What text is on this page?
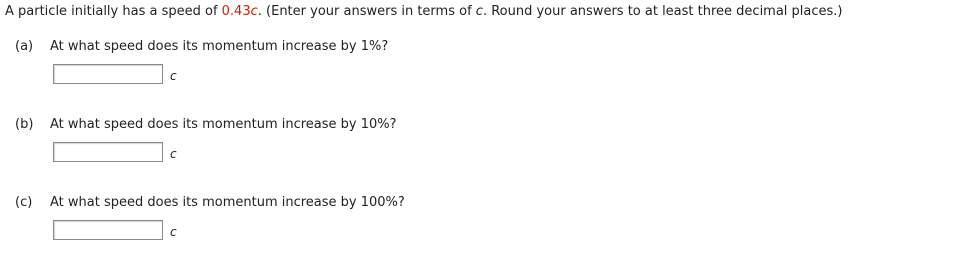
A particle initially has a speed of 0.43c. (Enter your answers in terms of c. Round your answers to at least three decimal places.)
(a) At what speed does its momentum increase by 1%?
c
(b) At what speed does its momentum increase by 10%?
c
(c) At what speed does its momentum increase by 100%?
c
